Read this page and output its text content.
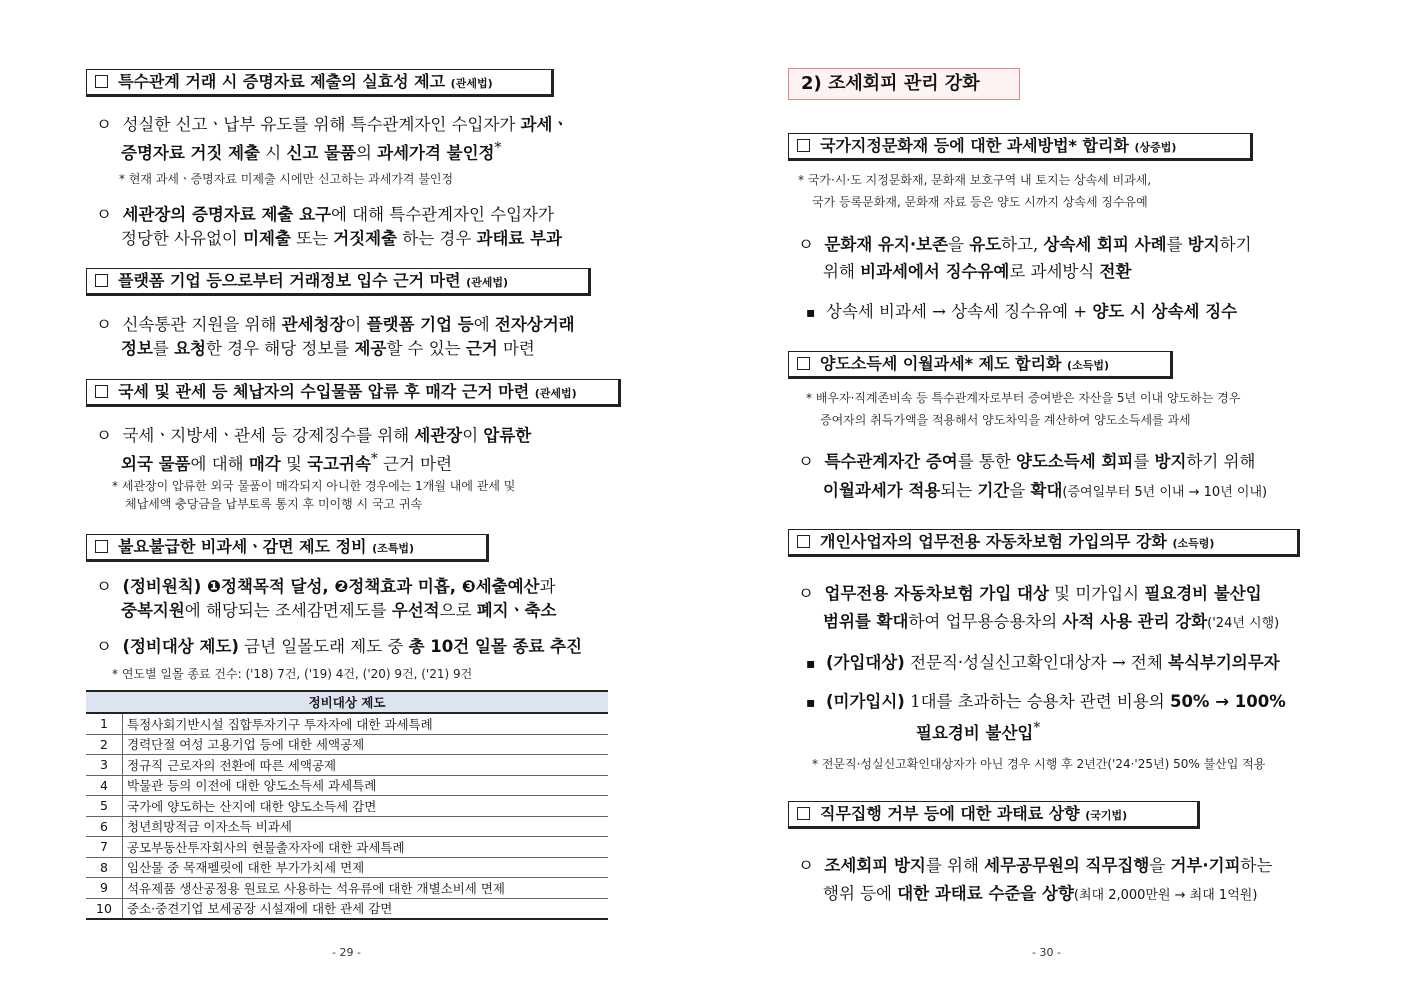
특수관계 거래 시 증명자료 제출의 실효성 제고 (관세법)
ㅇ 성실한 신고ㆍ납부 유도를 위해 특수관계자인 수입자가 과세ㆍ
증명자료 거짓 제출 시 신고 물품의 과세가격 불인정*
* 현재 과세ㆍ증명자료 미제출 시에만 신고하는 과세가격 불인정
ㅇ 세관장의 증명자료 제출 요구에 대해 특수관계자인 수입자가
정당한 사유없이 미제출 또는 거짓제출 하는 경우 과태료 부과
플랫폼 기업 등으로부터 거래정보 입수 근거 마련 (관세법)
ㅇ 신속통관 지원을 위해 관세청장이 플랫폼 기업 등에 전자상거래
정보를 요청한 경우 해당 정보를 제공할 수 있는 근거 마련
국세 및 관세 등 체납자의 수입물품 압류 후 매각 근거 마련 (관세법)
ㅇ 국세ㆍ지방세ㆍ관세 등 강제징수를 위해 세관장이 압류한
외국 물품에 대해 매각 및 국고귀속* 근거 마련
* 세관장이 압류한 외국 물품이 매각되지 아니한 경우에는 1개월 내에 관세 및
체납세액 충당금을 납부토록 통지 후 미이행 시 국고 귀속
불요불급한 비과세ㆍ감면 제도 정비 (조특법)
ㅇ (정비원칙) ❶정책목적 달성, ❷정책효과 미흡, ❸세출예산과
중복지원에 해당되는 조세감면제도를 우선적으로 폐지ㆍ축소
ㅇ (정비대상 제도) 금년 일몰도래 제도 중 총 10건 일몰 종료 추진
* 연도별 일몰 종료 건수: ('18) 7건, ('19) 4건, ('20) 9건, ('21) 9건
정비대상 제도	
1	특정사회기반시설 집합투자기구 투자자에 대한 과세특례
2	경력단절 여성 고용기업 등에 대한 세액공제
3	정규직 근로자의 전환에 따른 세액공제
4	박물관 등의 이전에 대한 양도소득세 과세특례
5	국가에 양도하는 산지에 대한 양도소득세 감면
6	청년희망적금 이자소득 비과세
7	공모부동산투자회사의 현물출자자에 대한 과세특례
8	임산물 중 목재펠릿에 대한 부가가치세 면제
9	석유제품 생산공정용 원료로 사용하는 석유류에 대한 개별소비세 면제
10	중소·중견기업 보세공장 시설재에 대한 관세 감면
- 29 -
2) 조세회피 관리 강화
국가지정문화재 등에 대한 과세방법* 합리화 (상증법)
* 국가·시·도 지정문화재, 문화재 보호구역 내 토지는 상속세 비과세,
국가 등록문화재, 문화재 자료 등은 양도 시까지 상속세 징수유예
ㅇ 문화재 유지·보존을 유도하고, 상속세 회피 사례를 방지하기
위해 비과세에서 징수유예로 과세방식 전환
▪ 상속세 비과세 → 상속세 징수유예 + 양도 시 상속세 징수
양도소득세 이월과세* 제도 합리화 (소득법)
* 배우자·직계존비속 등 특수관계자로부터 증여받은 자산을 5년 이내 양도하는 경우
증여자의 취득가액을 적용해서 양도차익을 계산하여 양도소득세를 과세
ㅇ 특수관계자간 증여를 통한 양도소득세 회피를 방지하기 위해
이월과세가 적용되는 기간을 확대(증여일부터 5년 이내 → 10년 이내)
개인사업자의 업무전용 자동차보험 가입의무 강화 (소득령)
ㅇ 업무전용 자동차보험 가입 대상 및 미가입시 필요경비 불산입
범위를 확대하여 업무용승용차의 사적 사용 관리 강화('24년 시행)
▪ (가입대상) 전문직·성실신고확인대상자 → 전체 복식부기의무자
▪ (미가입시) 1대를 초과하는 승용차 관련 비용의 50% → 100%
필요경비 불산입*
* 전문직·성실신고확인대상자가 아닌 경우 시행 후 2년간('24·'25년) 50% 불산입 적용
직무집행 거부 등에 대한 과태료 상향 (국기법)
ㅇ 조세회피 방지를 위해 세무공무원의 직무집행을 거부·기피하는
행위 등에 대한 과태료 수준을 상향(최대 2,000만원 → 최대 1억원)
- 30 -
